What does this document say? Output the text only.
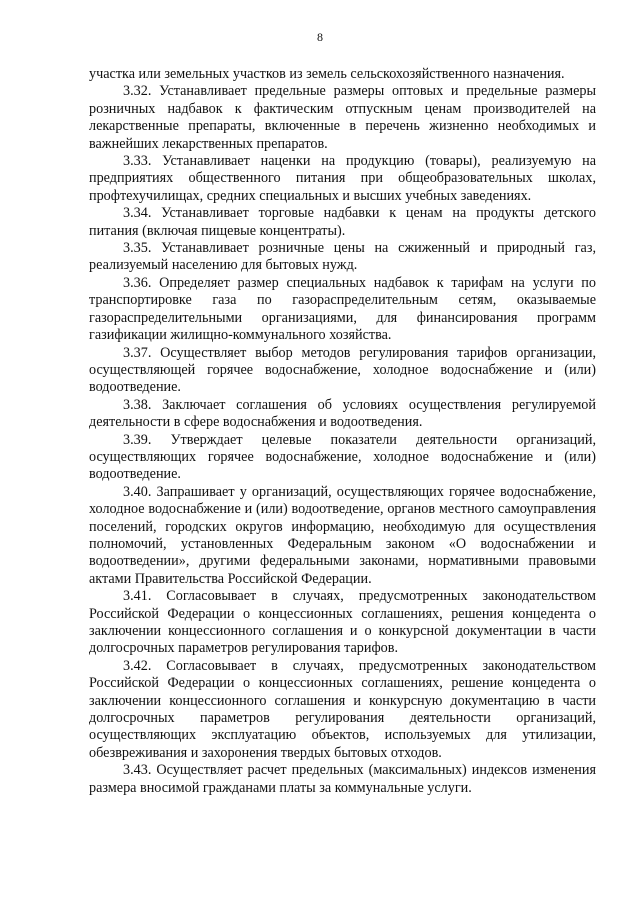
8

участка или земельных участков из земель сельскохозяйственного назначения.

3.32. Устанавливает предельные размеры оптовых и предельные размеры розничных надбавок к фактическим отпускным ценам производителей на лекарственные препараты, включенные в перечень жизненно необходимых и важнейших лекарственных препаратов.

3.33. Устанавливает наценки на продукцию (товары), реализуемую на предприятиях общественного питания при общеобразовательных школах, профтехучилищах, средних специальных и высших учебных заведениях.

3.34. Устанавливает торговые надбавки к ценам на продукты детского питания (включая пищевые концентраты).

3.35. Устанавливает розничные цены на сжиженный и природный газ, реализуемый населению для бытовых нужд.

3.36. Определяет размер специальных надбавок к тарифам на услуги по транспортировке газа по газораспределительным сетям, оказываемые газораспределительными организациями, для финансирования программ газификации жилищно-коммунального хозяйства.

3.37. Осуществляет выбор методов регулирования тарифов организации, осуществляющей горячее водоснабжение, холодное водоснабжение и (или) водоотведение.

3.38. Заключает соглашения об условиях осуществления регулируемой деятельности в сфере водоснабжения и водоотведения.

3.39. Утверждает целевые показатели деятельности организаций, осуществляющих горячее водоснабжение, холодное водоснабжение и (или) водоотведение.

3.40. Запрашивает у организаций, осуществляющих горячее водоснабжение, холодное водоснабжение и (или) водоотведение, органов местного самоуправления поселений, городских округов информацию, необходимую для осуществления полномочий, установленных Федеральным законом «О водоснабжении и водоотведении», другими федеральными законами, нормативными правовыми актами Правительства Российской Федерации.

3.41. Согласовывает в случаях, предусмотренных законодательством Российской Федерации о концессионных соглашениях, решения концедента о заключении концессионного соглашения и о конкурсной документации в части долгосрочных параметров регулирования тарифов.

3.42. Согласовывает в случаях, предусмотренных законодательством Российской Федерации о концессионных соглашениях, решение концедента о заключении концессионного соглашения и конкурсную документацию в части долгосрочных параметров регулирования деятельности организаций, осуществляющих эксплуатацию объектов, используемых для утилизации, обезвреживания и захоронения твердых бытовых отходов.

3.43. Осуществляет расчет предельных (максимальных) индексов изменения размера вносимой гражданами платы за коммунальные услуги.
